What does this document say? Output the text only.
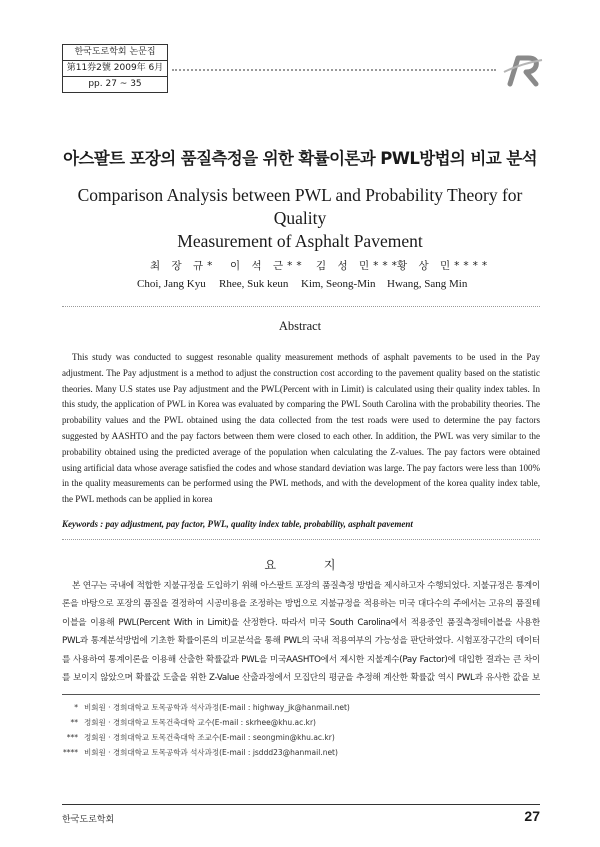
한국도로학회 논문집
第11券2號 2009年 6月
pp. 27 ~ 35
아스팔트 포장의 품질측정을 위한 확률이론과 PWL방법의 비교 분석
Comparison Analysis between PWL and Probability Theory for Quality
Measurement of Asphalt Pavement
최 장 규* 이 석 근** 김 성 민***
황 상 민****
Choi, Jang Kyu Rhee, Suk keun Kim, Seong-Min Hwang, Sang Min
Abstract
This study was conducted to suggest resonable quality measurement methods of asphalt pavements to be used in the Pay adjustment. The Pay adjustment is a method to adjust the construction cost according to the pavement quality based on the statistic theories. Many U.S states use Pay adjustment and the PWL(Percent with in Limit) is calculated using their quality index tables. In this study, the application of PWL in Korea was evaluated by comparing the PWL South Carolina with the probability theories. The probability values and the PWL obtained using the data collected from the test roads were used to determine the pay factors suggested by AASHTO and the pay factors between them were closed to each other. In addition, the PWL was very similar to the probability obtained using the predicted average of the population when calculating the Z-values. The pay factors were obtained using artificial data whose average satisfied the codes and whose standard deviation was large. The pay factors were less than 100% in the quality measurements can be performed using the PWL methods, and with the development of the korea quality index table, the PWL methods can be applied in korea
Keywords : pay adjustment, pay factor, PWL, quality index table, probability, asphalt pavement
요 지
본 연구는 국내에 적합한 지불규정을 도입하기 위해 아스팔트 포장의 품질측정 방법을 제시하고자 수행되었다. 지불규정은 통계이론을 바탕으로 포장의 품질을 결정하여 시공비용을 조정하는 방법으로 지불규정을 적용하는 미국 대다수의 주에서는 고유의 품질테이블을 이용해 PWL(Percent With in Limit)을 산정한다. 따라서 미국 South Carolina에서 적용중인 품질측정테이블을 사용한 PWL과 통계분석방법에 기초한 확률이론의 비교분석을 통해 PWL의 국내 적용여부의 가능성을 판단하였다. 시험포장구간의 데이터를 사용하여 통계이론을 이용해 산출한 확률값과 PWL을 미국AASHTO에서 제시한 지불계수(Pay Factor)에 대입한 결과는 큰 차이를 보이지 않았으며 확률값 도출을 위한 Z-Value 산출과정에서 모집단의 평균을 추정해 계산한 확률값 역시 PWL과 유사한 값을 보
* 비회원 · 경희대학교 토목공학과 석사과정(E-mail : highway_jk@hanmail.net)
** 정회원 · 경희대학교 토목건축대학 교수(E-mail : skrhee@khu.ac.kr)
*** 정회원 · 경희대학교 토목건축대학 조교수(E-mail : seongmin@khu.ac.kr)
**** 비회원 · 경희대학교 토목공학과 석사과정(E-mail : jsddd23@hanmail.net)
한국도로학회	27
